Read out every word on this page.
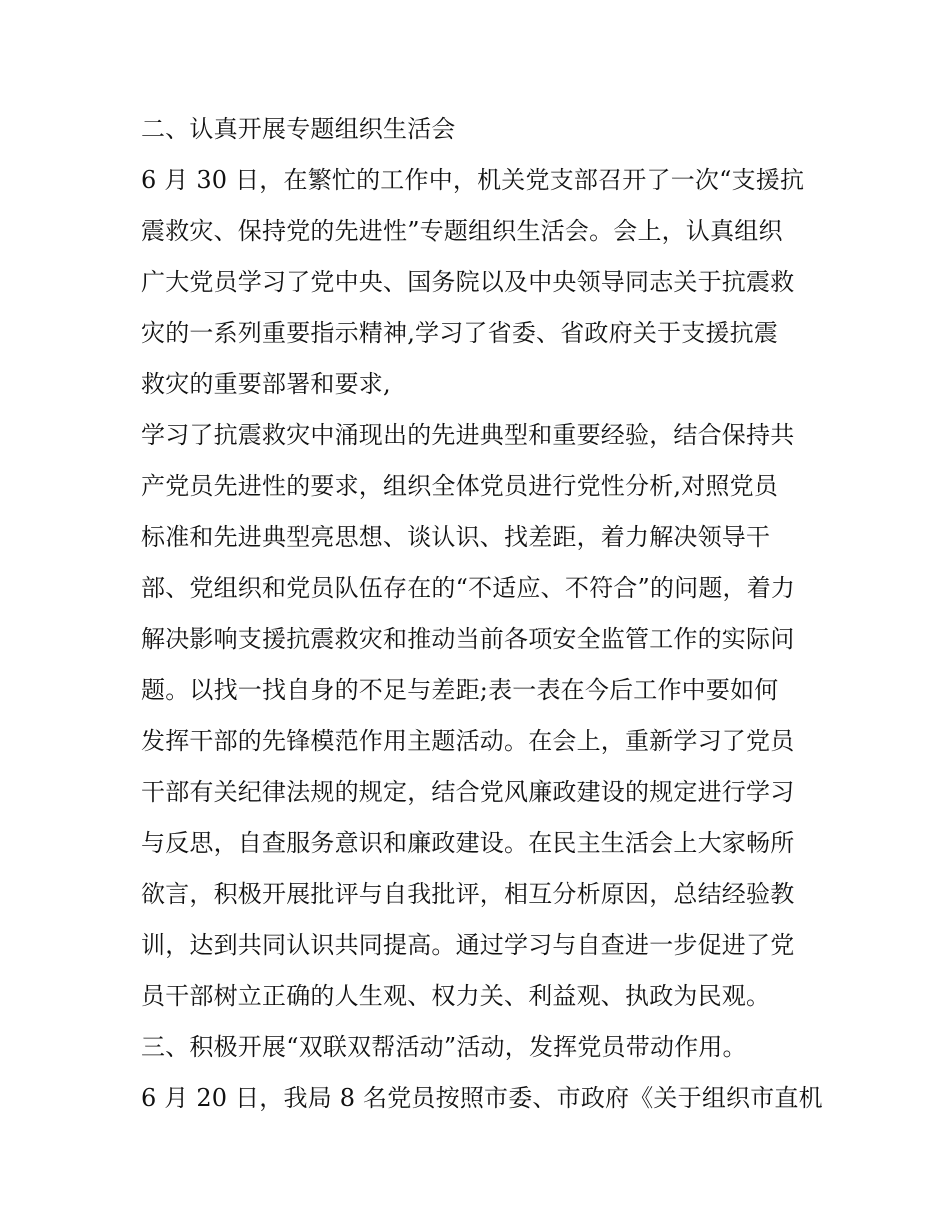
二、认真开展专题组织生活会
6 月 30 日，在繁忙的工作中，机关党支部召开了一次“支援抗
震救灾、保持党的先进性”专题组织生活会。会上，认真组织
广大党员学习了党中央、国务院以及中央领导同志关于抗震救
灾的一系列重要指示精神,学习了省委、省政府关于支援抗震
救灾的重要部署和要求,
学习了抗震救灾中涌现出的先进典型和重要经验，结合保持共
产党员先进性的要求，组织全体党员进行党性分析,对照党员
标准和先进典型亮思想、谈认识、找差距，着力解决领导干
部、党组织和党员队伍存在的“不适应、不符合”的问题，着力
解决影响支援抗震救灾和推动当前各项安全监管工作的实际问
题。以找一找自身的不足与差距;表一表在今后工作中要如何
发挥干部的先锋模范作用主题活动。在会上，重新学习了党员
干部有关纪律法规的规定，结合党风廉政建设的规定进行学习
与反思，自查服务意识和廉政建设。在民主生活会上大家畅所
欲言，积极开展批评与自我批评，相互分析原因，总结经验教
训，达到共同认识共同提高。通过学习与自查进一步促进了党
员干部树立正确的人生观、权力关、利益观、执政为民观。
三、积极开展“双联双帮活动”活动，发挥党员带动作用。
6 月 20 日，我局 8 名党员按照市委、市政府《关于组织市直机
